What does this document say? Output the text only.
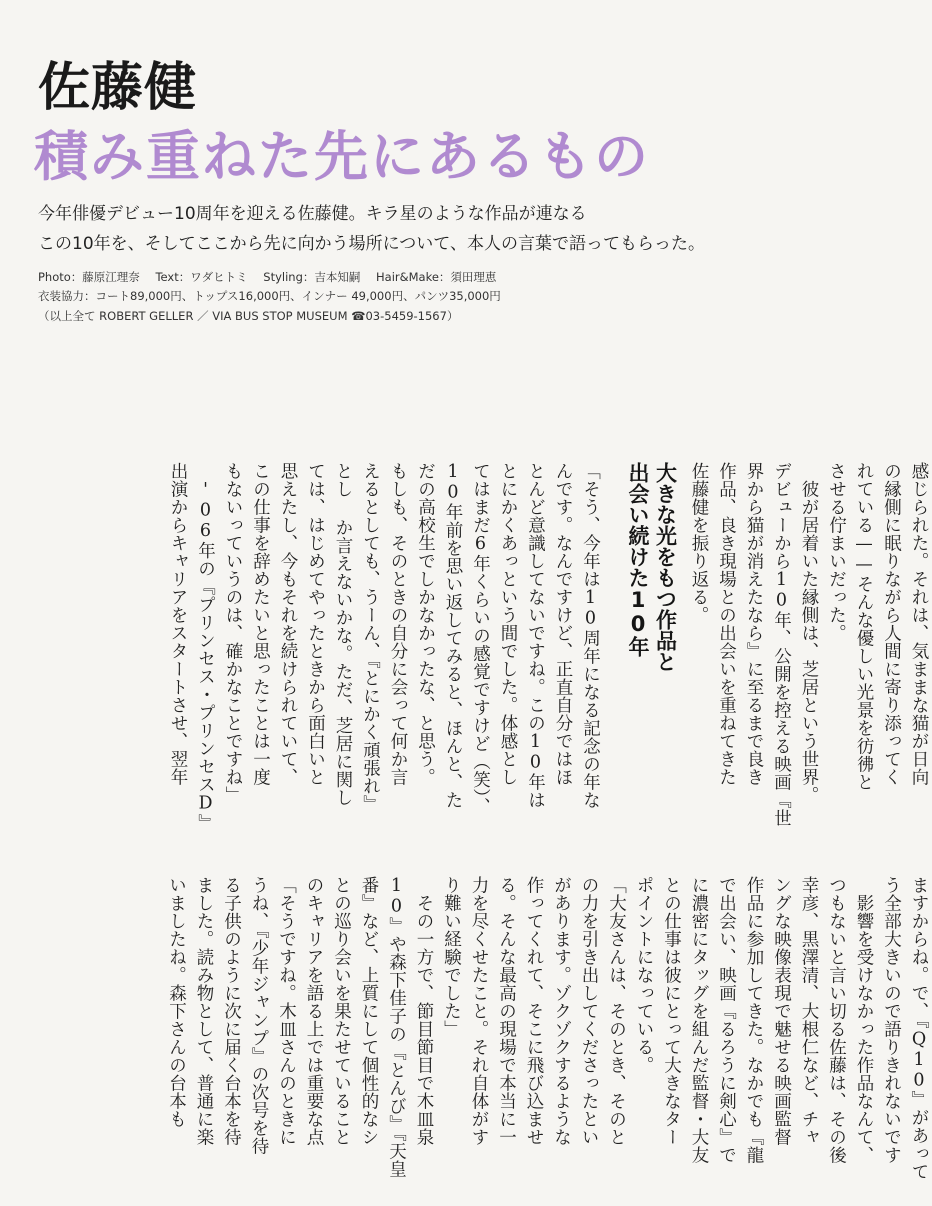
佐藤健
積み重ねた先にあるもの
今年俳優デビュー10周年を迎える佐藤健。キラ星のような作品が連なる
この10年を、そしてここから先に向かう場所について、本人の言葉で語ってもらった。
Photo：藤原江理奈 Text：ワダヒトミ Styling：吉本知嗣 Hair&Make：須田理恵
衣装協力：コート89,000円、トップス16,000円、インナー 49,000円、パンツ35,000円
（以上全て ROBERT GELLER ／ VIA BUS STOP MUSEUM ☎03-5459-1567）

感じられた。それは、気ままな猫が日向

の縁側に眠りながら人間に寄り添ってく

れている——そんな優しい光景を彷彿と

させる佇まいだった。

　彼が居着いた縁側は、芝居という世界。

デビューから10年、公開を控える映画『世

界から猫が消えたなら』に至るまで良き

作品、良き現場との出会いを重ねてきた

佐藤健を振り返る。

大きな光をもつ作品と

出会い続けた10年

「そう、今年は10周年になる記念の年な

んです。なんですけど、正直自分ではほ

とんど意識してないですね。この10年は

とにかくあっという間でした。体感とし

てはまだ6年くらいの感覚ですけど（笑）、

10年前を思い返してみると、ほんと、た

だの高校生でしかなかったな、と思う。

もしも、そのときの自分に会って何か言

えるとしても、うーん、『とにかく頑張れ』

とし か言えないかな。ただ、芝居に関し

ては、はじめてやったときから面白いと

思えたし、今もそれを続けられていて、

この仕事を辞めたいと思ったことは一度

もないっていうのは、確かなことですね」

　'06年の『プリンセス・プリンセスD』

出演からキャリアをスタートさせ、翌年

ますからね。で、『Q10』があって

う全部大きいので語りきれないです

　影響を受けなかった作品なんて、

つもないと言い切る佐藤は、その後

幸彦、黒澤清、大根仁など、チャ

ングな映像表現で魅せる映画監督

作品に参加してきた。なかでも『龍

で出会い、映画『るろうに剣心』で

に濃密にタッグを組んだ監督・大友

との仕事は彼にとって大きなター

ポイントになっている。

「大友さんは、そのとき、そのと

の力を引き出してくださったとい

があります。ゾクゾクするような

作ってくれて、そこに飛び込ませ

る。そんな最高の現場で本当に一

力を尽くせたこと。それ自体がす

り難い経験でした」

　その一方で、節目節目で木皿泉

10』や森下佳子の『とんび』『天皇

番』など、上質にして個性的なシ

との巡り会いを果たせていること

のキャリアを語る上では重要な点

「そうですね。木皿さんのときに

うね、『少年ジャンプ』の次号を待

る子供のように次に届く台本を待

ました。読み物として、普通に楽

いましたね。森下さんの台本も
